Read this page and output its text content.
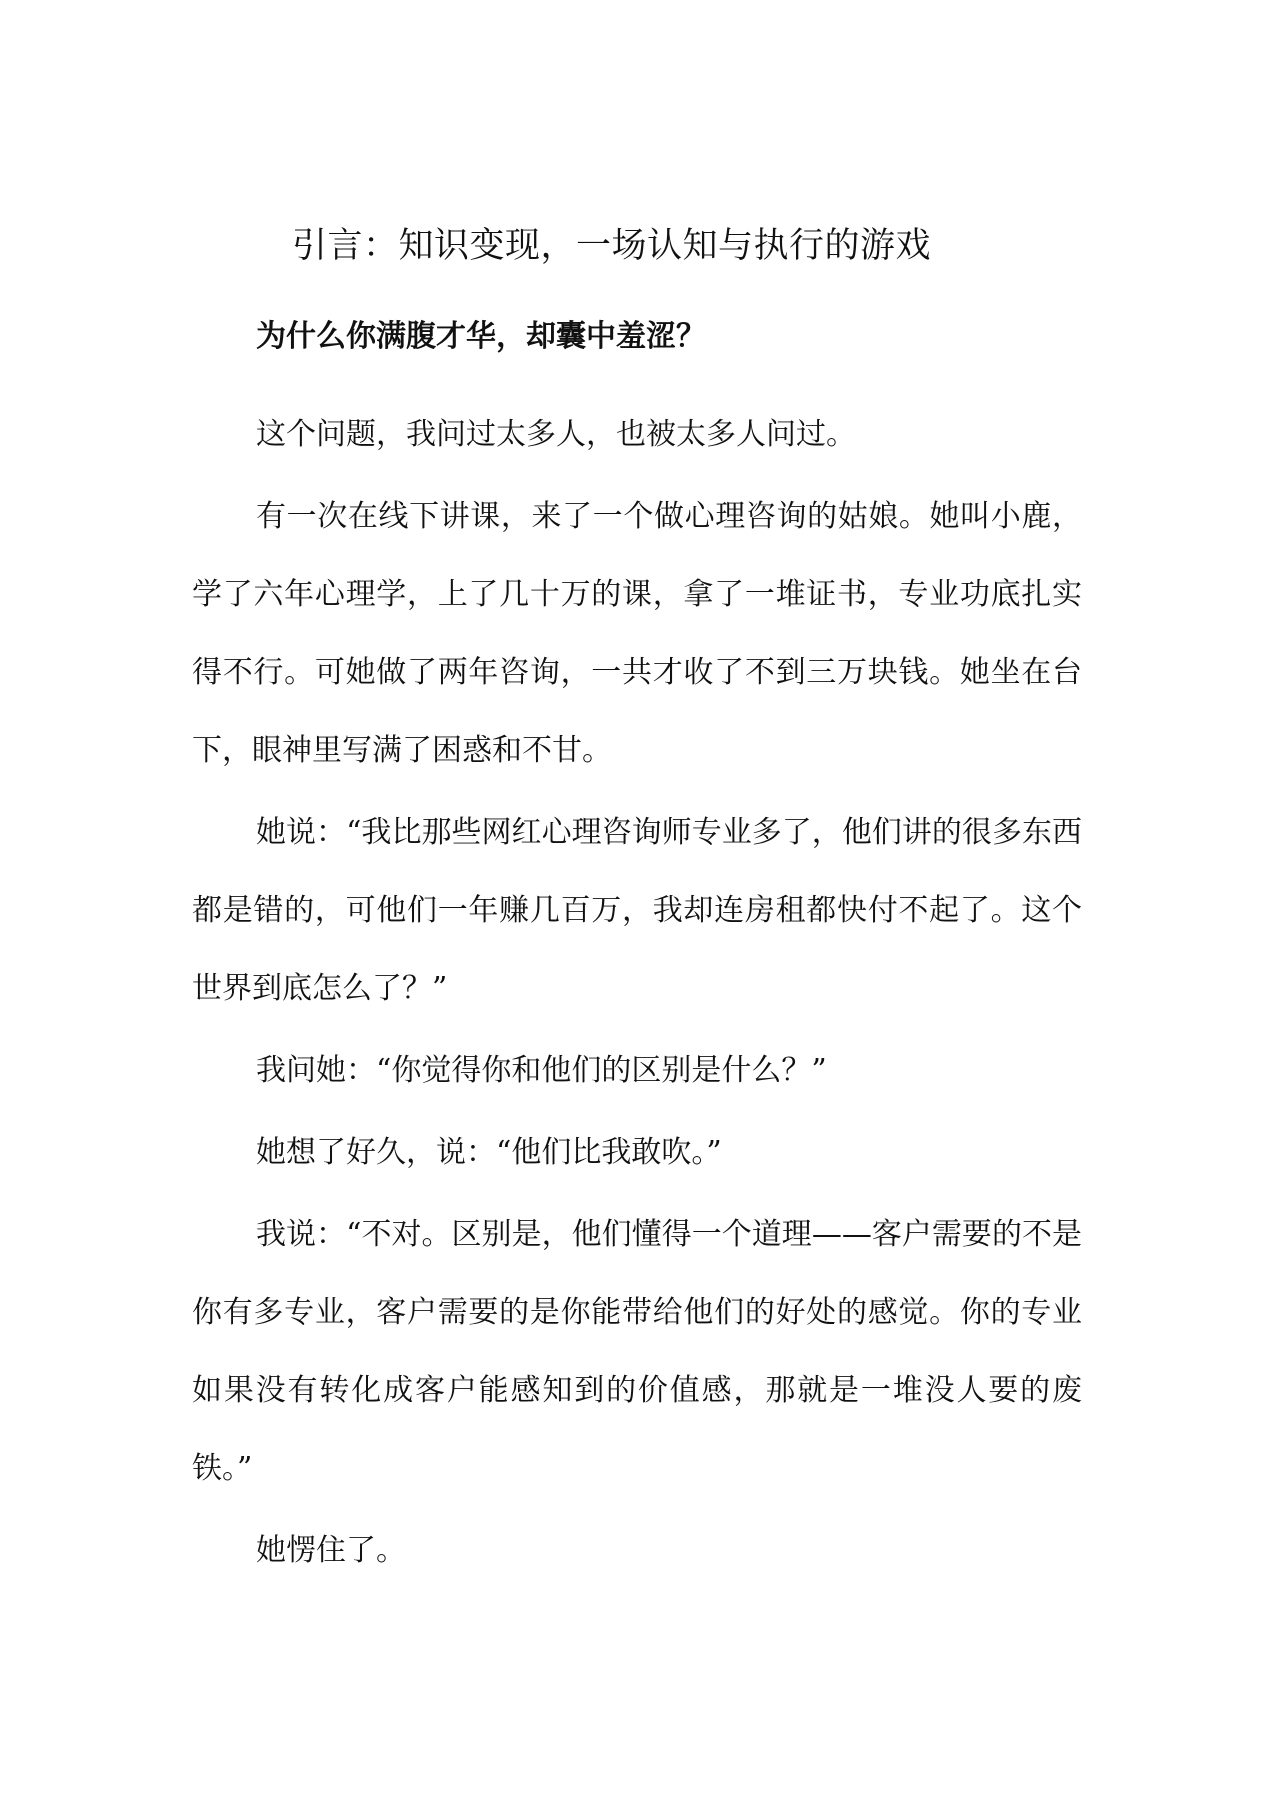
引言：知识变现，一场认知与执行的游戏
为什么你满腹才华，却囊中羞涩？

这个问题，我问过太多人，也被太多人问过。

有一次在线下讲课，来了一个做心理咨询的姑娘。她叫小鹿，学了六年心理学，上了几十万的课，拿了一堆证书，专业功底扎实得不行。可她做了两年咨询，一共才收了不到三万块钱。她坐在台下，眼神里写满了困惑和不甘。

她说：“我比那些网红心理咨询师专业多了，他们讲的很多东西都是错的，可他们一年赚几百万，我却连房租都快付不起了。这个世界到底怎么了？”

我问她：“你觉得你和他们的区别是什么？”

她想了好久，说：“他们比我敢吹。”

我说：“不对。区别是，他们懂得一个道理——客户需要的不是你有多专业，客户需要的是你能带给他们的好处的感觉。你的专业如果没有转化成客户能感知到的价值感，那就是一堆没人要的废铁。”

她愣住了。
